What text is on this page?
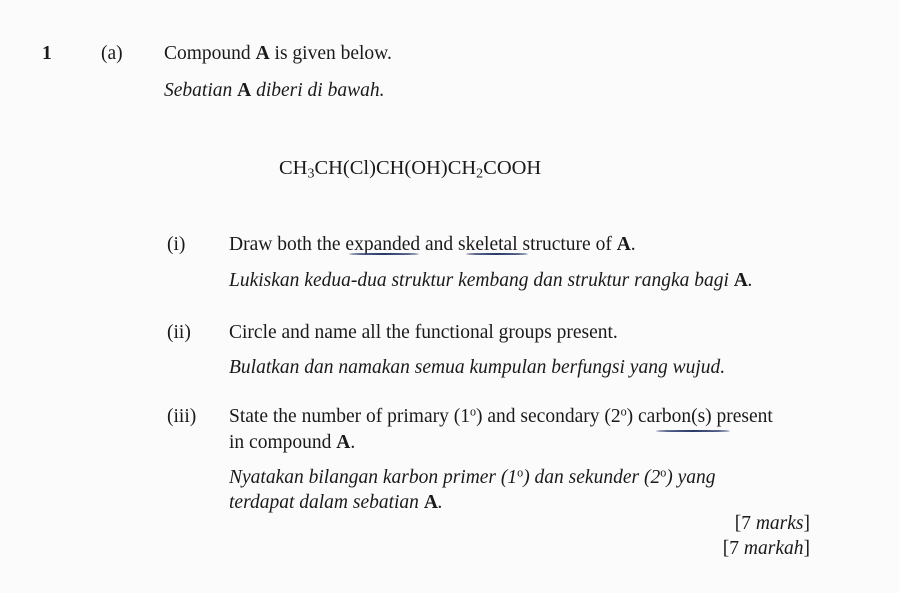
1	(a) Compound A is given below.
Sebatian A diberi di bawah.
$CH_3CH(Cl)CH(OH)CH_2COOH$
(i) Draw both the expanded and skeletal structure of A.
Lukiskan kedua-dua struktur kembang dan struktur rangka bagi A.
(ii) Circle and name all the functional groups present.
Bulatkan dan namakan semua kumpulan berfungsi yang wujud.
(iii) State the number of primary (1$^o$) and secondary (2$^o$) carbon(s) present
in compound A.
Nyatakan bilangan karbon primer (1$^o$) dan sekunder (2$^o$) yang
terdapat dalam sebatian A.
[7 marks]
[7 markah]
